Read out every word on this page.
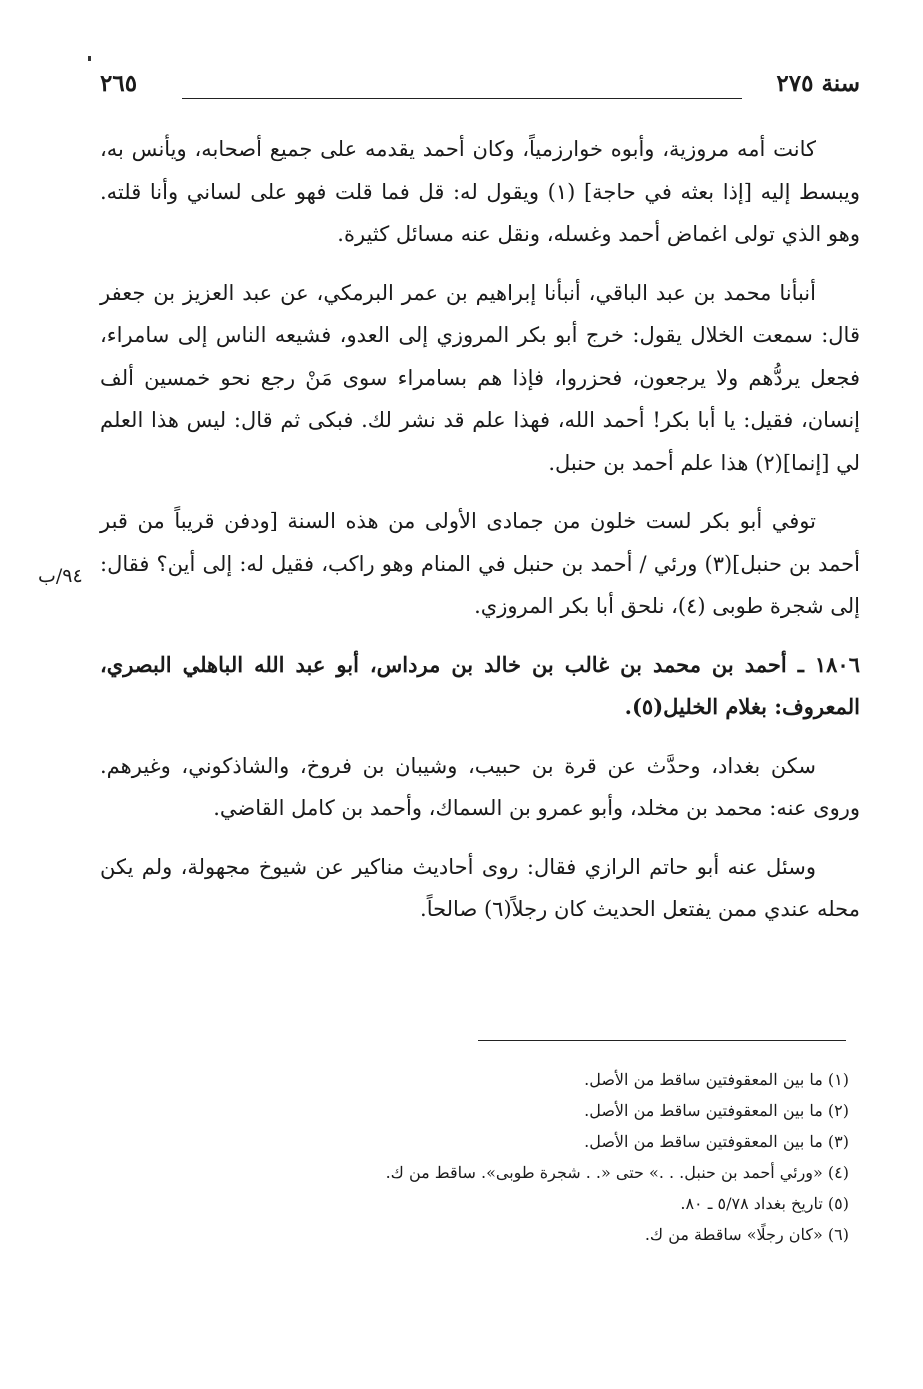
سنة ٢٧٥
٢٦٥

كانت أمه مروزية، وأبوه خوارزمياً، وكان أحمد يقدمه على جميع أصحابه، ويأنس به، ويبسط إليه [إذا بعثه في حاجة] (١) ويقول له: قل فما قلت فهو على لساني وأنا قلته. وهو الذي تولى اغماض أحمد وغسله، ونقل عنه مسائل كثيرة.

أنبأنا محمد بن عبد الباقي، أنبأنا إبراهيم بن عمر البرمكي، عن عبد العزيز بن جعفر قال: سمعت الخلال يقول: خرج أبو بكر المروزي إلى العدو، فشيعه الناس إلى سامراء، فجعل يردُّهم ولا يرجعون، فحزروا، فإذا هم بسامراء سوى مَنْ رجع نحو خمسين ألف إنسان، فقيل: يا أبا بكر! أحمد الله، فهذا علم قد نشر لك. فبكى ثم قال: ليس هذا العلم لي [إنما](٢) هذا علم أحمد بن حنبل.

توفي أبو بكر لست خلون من جمادى الأولى من هذه السنة [ودفن قريباً من قبر أحمد بن حنبل](٣) ورئي / أحمد بن حنبل في المنام وهو راكب، فقيل له: إلى أين؟ فقال: إلى شجرة طوبى (٤)، نلحق أبا بكر المروزي.

١٨٠٦ ـ أحمد بن محمد بن غالب بن خالد بن مرداس، أبو عبد الله الباهلي البصري، المعروف: بغلام الخليل(٥).

سكن بغداد، وحدَّث عن قرة بن حبيب، وشيبان بن فروخ، والشاذكوني، وغيرهم. وروى عنه: محمد بن مخلد، وأبو عمرو بن السماك، وأحمد بن كامل القاضي.

وسئل عنه أبو حاتم الرازي فقال: روى أحاديث مناكير عن شيوخ مجهولة، ولم يكن محله عندي ممن يفتعل الحديث كان رجلاً(٦) صالحاً.

٩٤/ب
(١) ما بين المعقوفتين ساقط من الأصل.
(٢) ما بين المعقوفتين ساقط من الأصل.
(٣) ما بين المعقوفتين ساقط من الأصل.
(٤) «ورئي أحمد بن حنبل. . .» حتى «. . شجرة طوبى». ساقط من ك.
(٥) تاريخ بغداد ٥/٧٨ ـ ٨٠.
(٦) «كان رجلًا» ساقطة من ك.
